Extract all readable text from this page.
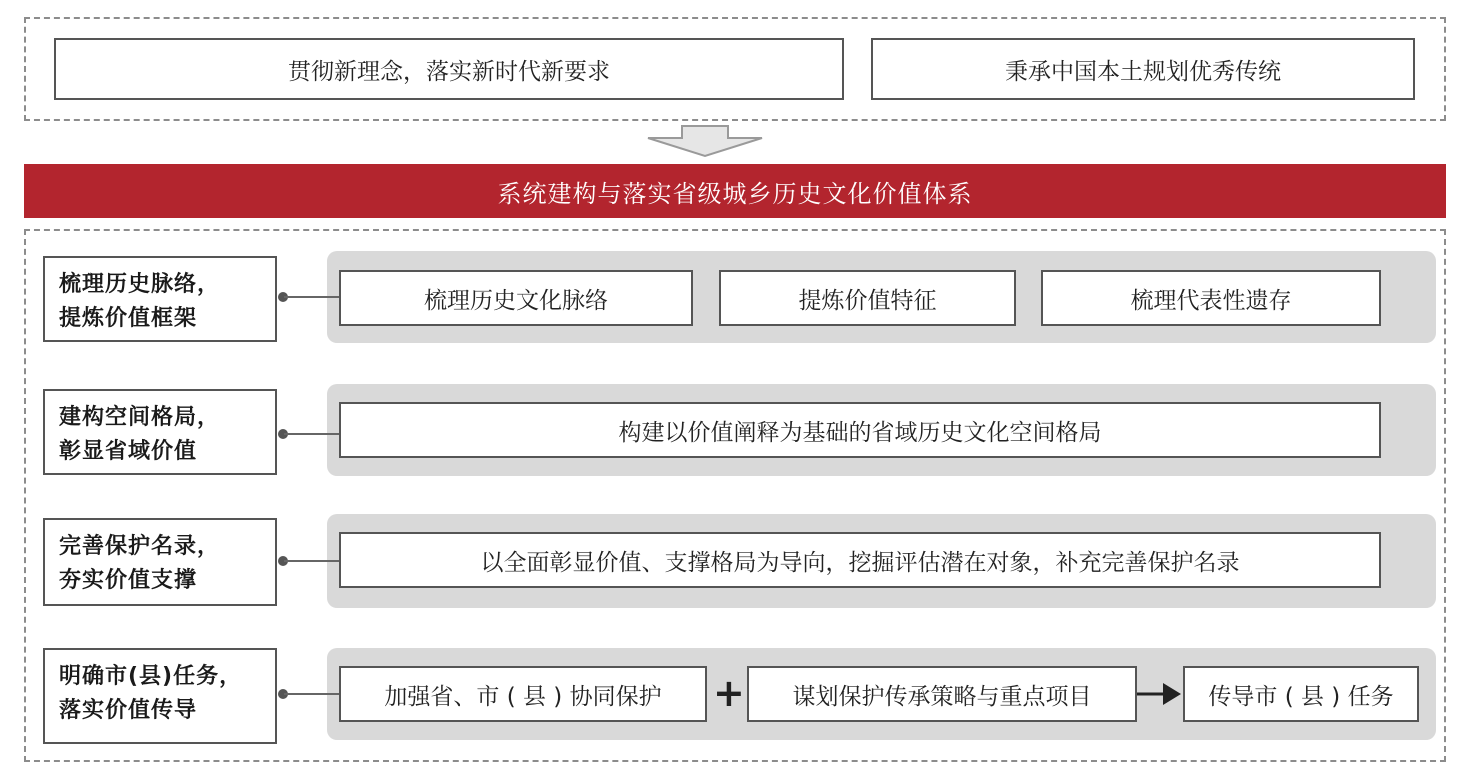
贯彻新理念，落实新时代新要求	秉承中国本土规划优秀传统
系统建构与落实省级城乡历史文化价值体系
梳理历史脉络，
提炼价值框架
梳理历史文化脉络	提炼价值特征	梳理代表性遗存
建构空间格局，
彰显省域价值
构建以价值阐释为基础的省域历史文化空间格局
完善保护名录，
夯实价值支撑
以全面彰显价值、支撑格局为导向，挖掘评估潜在对象，补充完善保护名录
明确市(县)任务，
落实价值传导
加强省、市 ( 县 ) 协同保护	+	谋划保护传承策略与重点项目	传导市 ( 县 ) 任务
